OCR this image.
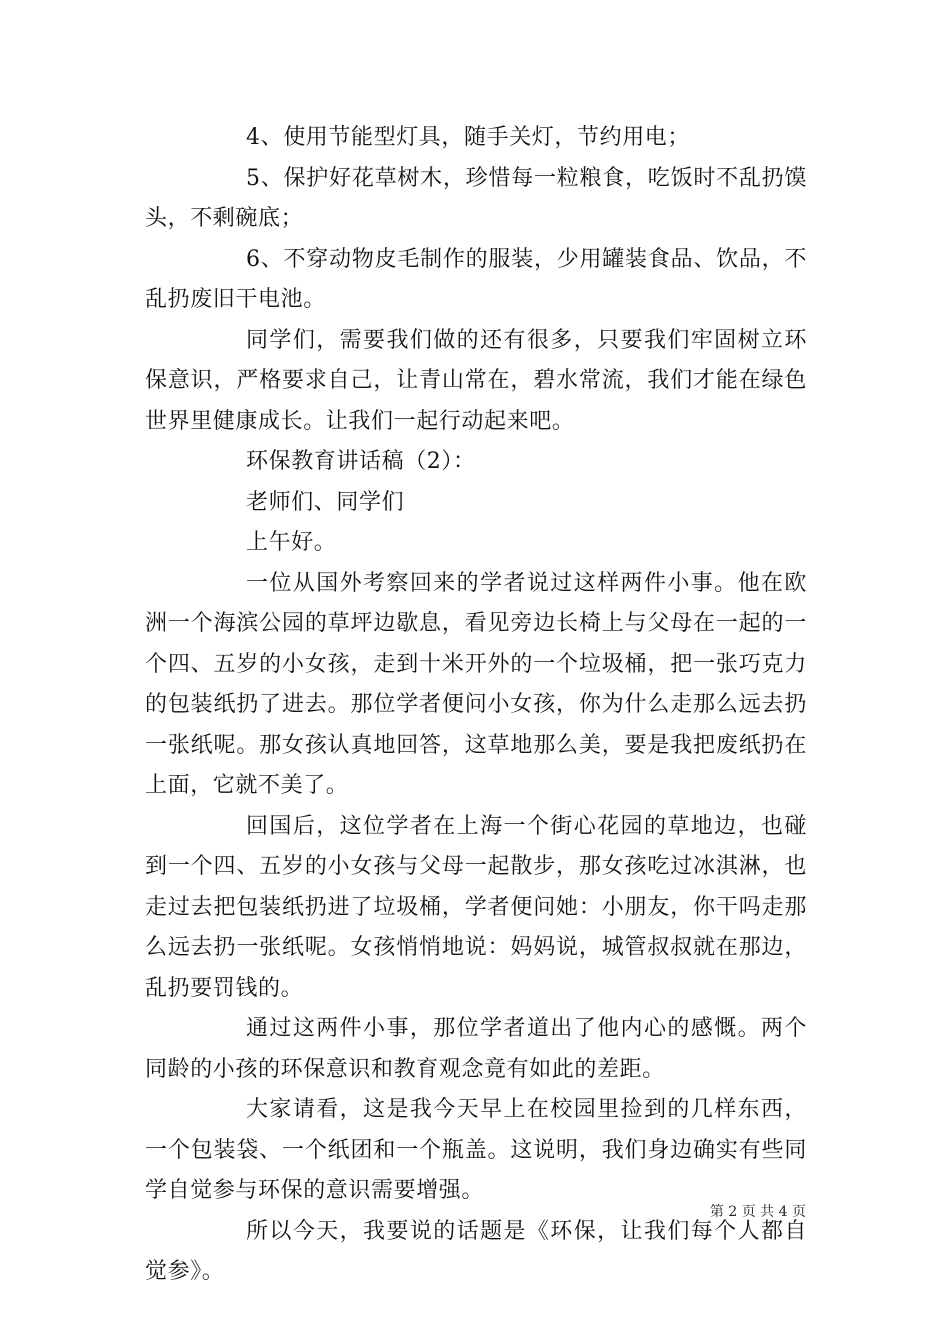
4、使用节能型灯具，随手关灯，节约用电；

5、保护好花草树木，珍惜每一粒粮食，吃饭时不乱扔馍头，不剩碗底；

6、不穿动物皮毛制作的服装，少用罐装食品、饮品，不乱扔废旧干电池。

同学们，需要我们做的还有很多，只要我们牢固树立环保意识，严格要求自己，让青山常在，碧水常流，我们才能在绿色世界里健康成长。让我们一起行动起来吧。

环保教育讲话稿（2）：

老师们、同学们

上午好。

一位从国外考察回来的学者说过这样两件小事。他在欧洲一个海滨公园的草坪边歇息，看见旁边长椅上与父母在一起的一个四、五岁的小女孩，走到十米开外的一个垃圾桶，把一张巧克力的包装纸扔了进去。那位学者便问小女孩，你为什么走那么远去扔一张纸呢。那女孩认真地回答，这草地那么美，要是我把废纸扔在上面，它就不美了。

回国后，这位学者在上海一个街心花园的草地边，也碰到一个四、五岁的小女孩与父母一起散步，那女孩吃过冰淇淋，也走过去把包装纸扔进了垃圾桶，学者便问她：小朋友，你干吗走那么远去扔一张纸呢。女孩悄悄地说：妈妈说，城管叔叔就在那边，乱扔要罚钱的。

通过这两件小事，那位学者道出了他内心的感慨。两个同龄的小孩的环保意识和教育观念竟有如此的差距。

大家请看，这是我今天早上在校园里捡到的几样东西，一个包装袋、一个纸团和一个瓶盖。这说明，我们身边确实有些同学自觉参与环保的意识需要增强。

所以今天，我要说的话题是《环保，让我们每个人都自觉参》。

第 2 页 共 4 页
